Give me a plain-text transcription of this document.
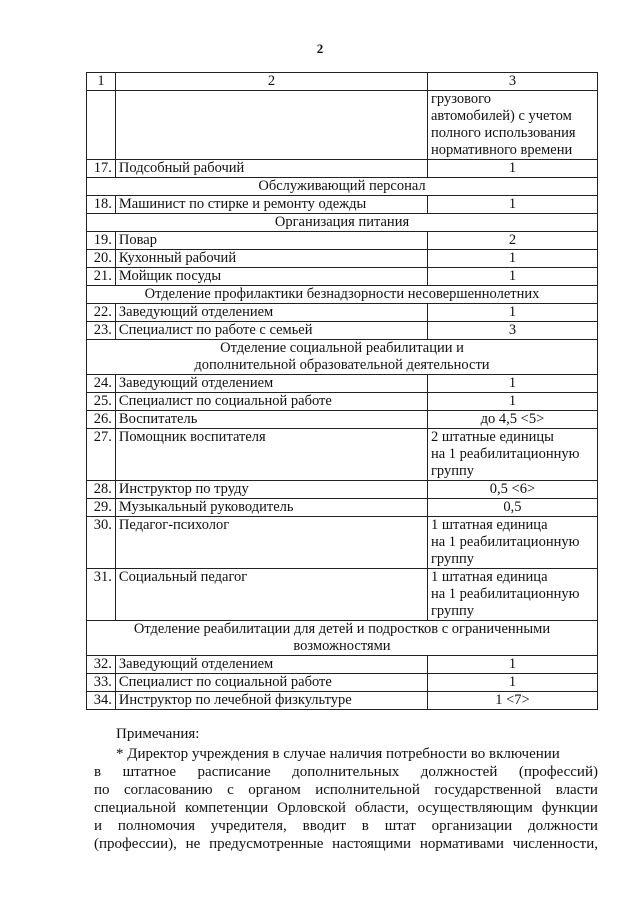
2
1	2	3

		грузового
автомобилей) с учетом
полного использования
нормативного времени

17.	Подсобный рабочий	1
Обслуживающий персонал		
18.	Машинист по стирке и ремонту одежды	1
Организация питания		
19.	Повар	2
20.	Кухонный рабочий	1
21.	Мойщик посуды	1
Отделение профилактики безнадзорности несовершеннолетних		
22.	Заведующий отделением	1
23.	Специалист по работе с семьей	3

Отделение социальной реабилитации и
дополнительной образовательной деятельности		

24.	Заведующий отделением	1
25.	Специалист по социальной работе	1
26.	Воспитатель	до 4,5 <5>
27.	Помощник воспитателя	2 штатные единицы
на 1 реабилитационную
группу

28.	Инструктор по труду	0,5 <6>
29.	Музыкальный руководитель	0,5
30.	Педагог-психолог	1 штатная единица
на 1 реабилитационную
группу

31.	Социальный педагог	1 штатная единица
на 1 реабилитационную
группу

Отделение реабилитации для детей и подростков с ограниченными
возможностями		

32.	Заведующий отделением	1
33.	Специалист по социальной работе	1
34.	Инструктор по лечебной физкультуре	1 <7>
Примечания:
* Директор учреждения в случае наличия потребности во включении
в штатное расписание дополнительных должностей (профессий)
по согласованию с органом исполнительной государственной власти
специальной компетенции Орловской области, осуществляющим функции
и полномочия учредителя, вводит в штат организации должности
(профессии), не предусмотренные настоящими нормативами численности,
